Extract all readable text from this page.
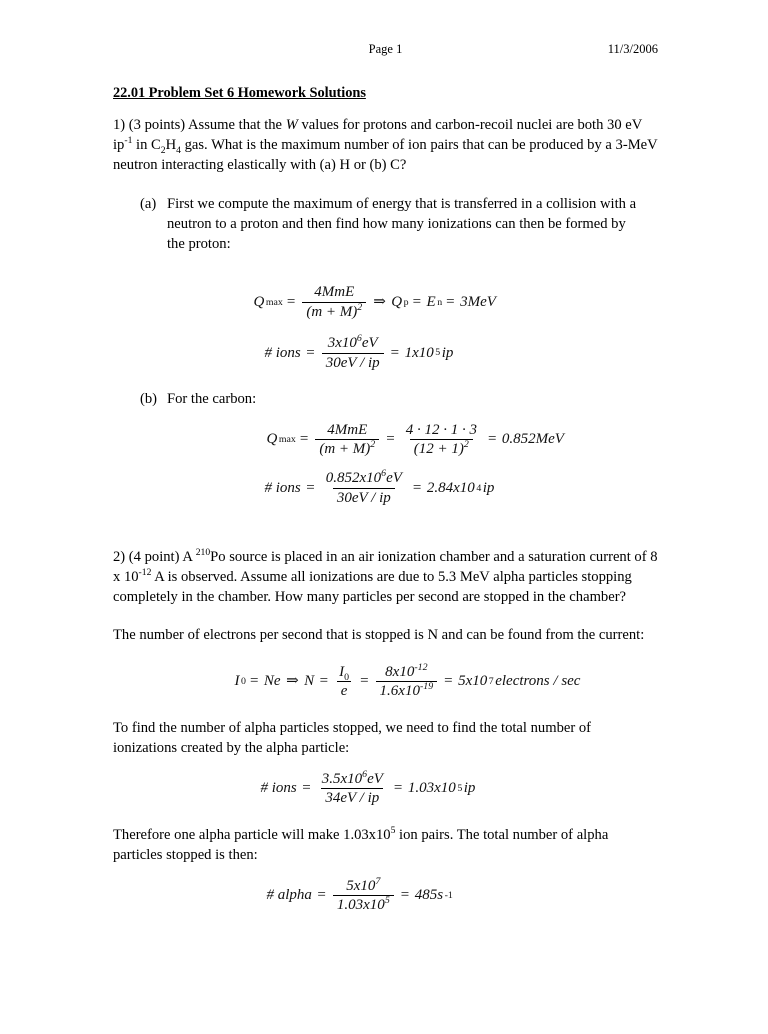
Page 1	11/3/2006
22.01 Problem Set 6 Homework Solutions

1) (3 points) Assume that the W values for protons and carbon-recoil nuclei are both 30 eV $ip^{-1}$ in $C_2H_4$ gas. What is the maximum number of ion pairs that can be produced by a 3-MeV neutron interacting elastically with (a) H or (b) C?

(a) First we compute the maximum of energy that is transferred in a collision with a neutron to a proton and then find how many ionizations can then be formed by the proton:
Q $\max = \frac{\text{4MmE}}{(m + M)^2}$ ⇒ Q p = E n = 3MeV
# ions = $\frac{3x10^6eV}{30eV / ip} = 1x10$ 5 ip
(b) For the carbon:
Q $\max = \frac{\text{4MmE}}{(m + M)^2} = \frac{4 \cdot 12 \cdot 1 \cdot 3}{(12 + 1)^2} = 0.852MeV$
# ions = $\frac{0.852x10^6eV}{30eV / ip} = 2.84x10$ 4 ip

2) (4 point) A $^{210}$Po source is placed in an air ionization chamber and a saturation current of 8 x $10^{-12}$ A is observed. Assume all ionizations are due to 5.3 MeV alpha particles stopping completely in the chamber. How many particles per second are stopped in the chamber?

The number of electrons per second that is stopped is N and can be found from the current:

I 0 = Ne ⇒ $N = \frac{I_0}{e} = \frac{8x10^{-12}}{1.6x10^{-19}} = 5x10$ 7 electrons / sec

To find the number of alpha particles stopped, we need to find the total number of ionizations created by the alpha particle:

# ions = $\frac{3.5x10^6eV}{34eV / ip} = 1.03x10$ 5 ip

Therefore one alpha particle will make $1.03x10^5$ ion pairs. The total number of alpha particles stopped is then:

# alpha = $\frac{5x10^7}{1.03x10^5} = 485s$ -1
